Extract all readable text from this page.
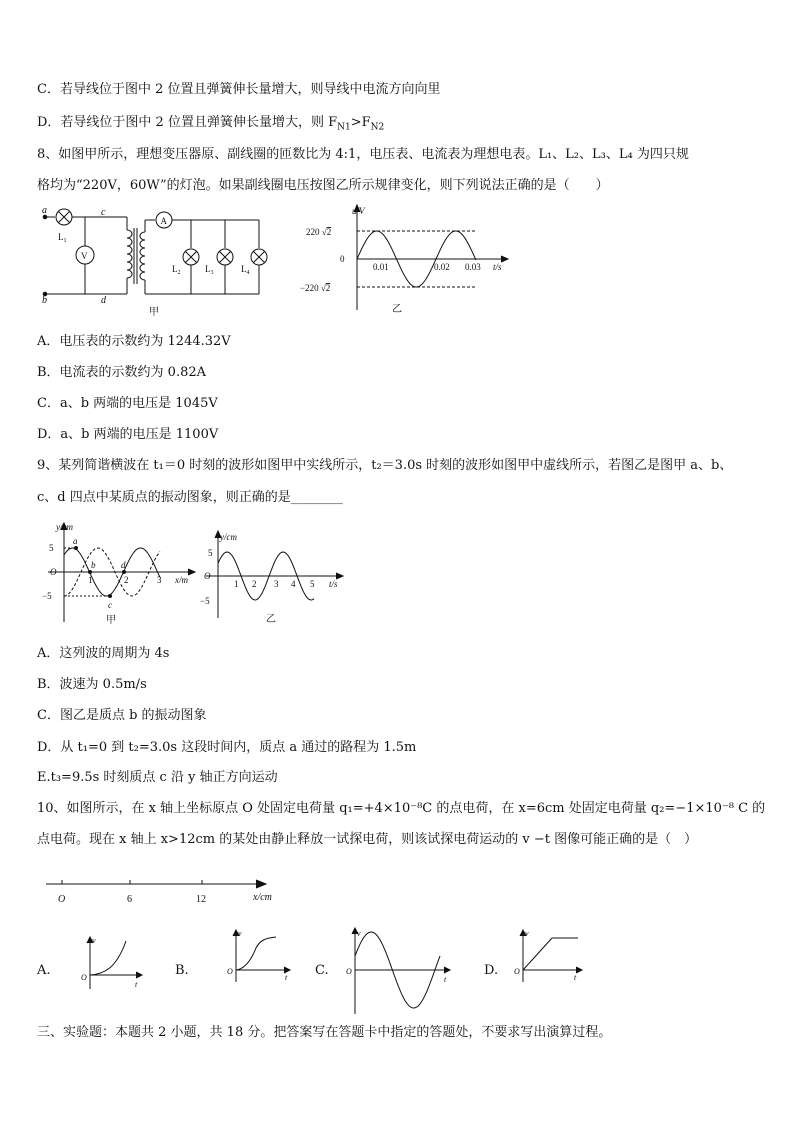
C．若导线位于图中 2 位置且弹簧伸长量增大，则导线中电流方向向里
D．若导线位于图中 2 位置且弹簧伸长量增大，则 $F_{N1}>F_{N2}$
8、如图甲所示，理想变压器原、副线圈的匝数比为 4:1，电压表、电流表为理想电表。L₁、L₂、L₃、L₄ 为四只规
格均为“220V，60W”的灯泡。如果副线圈电压按图乙所示规律变化，则下列说法正确的是（　　）
a
b
c
d
V
A
$L_1$
$L_2$	$L_3$	$L_4$
甲
u/V
220 √2
−220 √2
0
0.01	0.02 0.03 t/s
乙
A．电压表的示数约为 1244.32V
B．电流表的示数约为 0.82A
C．a、b 两端的电压是 1045V
D．a、b 两端的电压是 1100V
9、某列简谐横波在 t₁＝0 时刻的波形如图甲中实线所示，t₂＝3.0s 时刻的波形如图甲中虚线所示，若图乙是图甲 a、b、
c、d 四点中某质点的振动图象，则正确的是________
y/cm
5
O
−5
1	2	3 x/m
a
b
c
d
甲
y/cm
5
O
−5
1 2 3 4 5 t/s
乙
A．这列波的周期为 4s
B．波速为 0.5m/s
C．图乙是质点 b 的振动图象
D．从 t₁=0 到 t₂=3.0s 这段时间内，质点 a 通过的路程为 1.5m
E.t₃=9.5s 时刻质点 c 沿 y 轴正方向运动
10、如图所示，在 x 轴上坐标原点 O 处固定电荷量 q₁=+4×10⁻⁸C 的点电荷，在 x=6cm 处固定电荷量 q₂=−1×10⁻⁸ C 的
点电荷。现在 x 轴上 x>12cm 的某处由静止释放一试探电荷，则该试探电荷运动的 v −t 图像可能正确的是（　）
O	6	12	x/cm
A.
v
O
t
B.
v
O
t C.
v
O
t
D.
v
O
t
三、实验题：本题共 2 小题，共 18 分。把答案写在答题卡中指定的答题处，不要求写出演算过程。
